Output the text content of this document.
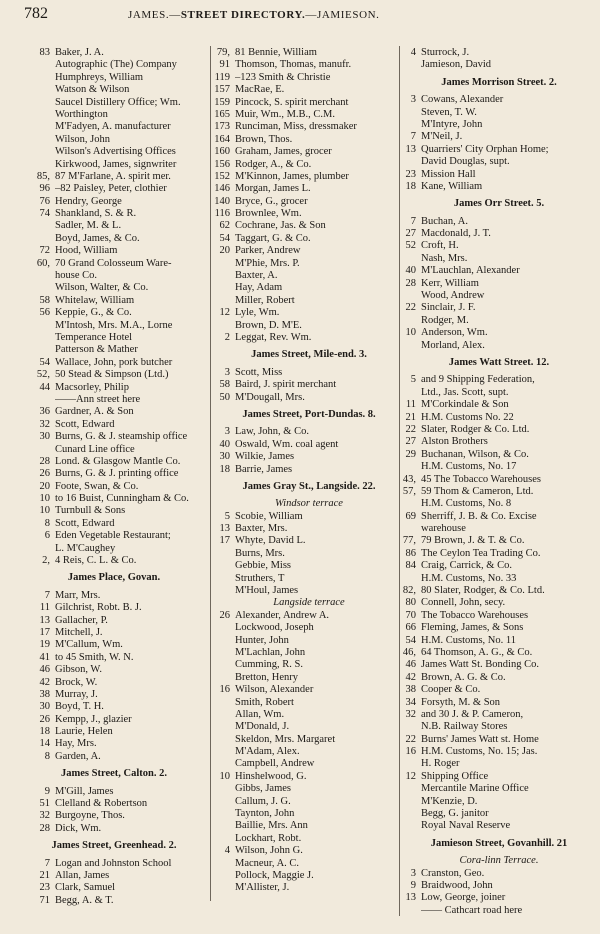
782	JAMES.—STREET DIRECTORY.—JAMIESON.
83 Baker, J. A.
Autographic (The) Company
Humphreys, William
Watson & Wilson
Saucel Distillery Office; Wm.
Worthington
M'Fadyen, A. manufacturer
Wilson, John
Wilson's Advertising Offices
Kirkwood, James, signwriter
85, 87 M'Farlane, A. spirit mer.
96 –82 Paisley, Peter, clothier
76 Hendry, George
74 Shankland, S. & R.
Sadler, M. & L.
Boyd, James, & Co.
72 Hood, William
60, 70 Grand Colosseum Ware-
house Co.
Wilson, Walter, & Co.
58 Whitelaw, William
56 Keppie, G., & Co.
M'Intosh, Mrs. M.A., Lorne
Temperance Hotel
Patterson & Mather
54 Wallace, John, pork butcher
52, 50 Stead & Simpson (Ltd.)
44 Macsorley, Philip
——Ann street here
36 Gardner, A. & Son
32 Scott, Edward
30 Burns, G. & J. steamship office
Cunard Line office
28 Lond. & Glasgow Mantle Co.
26 Burns, G. & J. printing office
20 Foote, Swan, & Co.
10 to 16 Buist, Cunningham & Co.
10 Turnbull & Sons
8 Scott, Edward
6 Eden Vegetable Restaurant;
L. M'Caughey
2, 4 Reis, C. L. & Co.
James Place, Govan.
7 Marr, Mrs.
11 Gilchrist, Robt. B. J.
13 Gallacher, P.
17 Mitchell, J.
19 M'Callum, Wm.
41 to 45 Smith, W. N.
46 Gibson, W.
42 Brock, W.
38 Murray, J.
30 Boyd, T. H.
26 Kempp, J., glazier
18 Laurie, Helen
14 Hay, Mrs.
8 Garden, A.
James Street, Calton. 2.
9 M'Gill, James
51 Clelland & Robertson
32 Burgoyne, Thos.
28 Dick, Wm.
James Street, Greenhead. 2.
7 Logan and Johnston School
21 Allan, James
23 Clark, Samuel
71 Begg, A. & T.
79, 81 Bennie, William
91 Thomson, Thomas, manufr.
119 –123 Smith & Christie
157 MacRae, E.
159 Pincock, S. spirit merchant
165 Muir, Wm., M.B., C.M.
173 Runciman, Miss, dressmaker
164 Brown, Thos.
160 Graham, James, grocer
156 Rodger, A., & Co.
152 M'Kinnon, James, plumber
146 Morgan, James L.
140 Bryce, G., grocer
116 Brownlee, Wm.
62 Cochrane, Jas. & Son
54 Taggart, G. & Co.
20 Parker, Andrew
M'Phie, Mrs. P.
Baxter, A.
Hay, Adam
Miller, Robert
12 Lyle, Wm.
Brown, D. M'E.
2 Leggat, Rev. Wm.
James Street, Mile-end. 3.
3 Scott, Miss
58 Baird, J. spirit merchant
50 M'Dougall, Mrs.
James Street, Port-Dundas. 8.
3 Law, John, & Co.
40 Oswald, Wm. coal agent
30 Wilkie, James
18 Barrie, James
James Gray St., Langside. 22.
Windsor terrace
5 Scobie, William
13 Baxter, Mrs.
17 Whyte, David L.
Burns, Mrs.
Gebbie, Miss
Struthers, T
M'Houl, James
Langside terrace
26 Alexander, Andrew A.
Lockwood, Joseph
Hunter, John
M'Lachlan, John
Cumming, R. S.
Bretton, Henry
16 Wilson, Alexander
Smith, Robert
Allan, Wm.
M'Donald, J.
Skeldon, Mrs. Margaret
M'Adam, Alex.
Campbell, Andrew
10 Hinshelwood, G.
Gibbs, James
Callum, J. G.
Taynton, John
Baillie, Mrs. Ann
Lockhart, Robt.
4 Wilson, John G.
Macneur, A. C.
Pollock, Maggie J.
M'Allister, J.
4 Sturrock, J.
Jamieson, David
James Morrison Street. 2.
3 Cowans, Alexander
Steven, T. W.
M'Intyre, John
7 M'Neil, J.
13 Quarriers' City Orphan Home;
David Douglas, supt.
23 Mission Hall
18 Kane, William
James Orr Street. 5.
7 Buchan, A.
27 Macdonald, J. T.
52 Croft, H.
Nash, Mrs.
40 M'Lauchlan, Alexander
28 Kerr, William
Wood, Andrew
22 Sinclair, J. F.
Rodger, M.
10 Anderson, Wm.
Morland, Alex.
James Watt Street. 12.
5 and 9 Shipping Federation,
Ltd., Jas. Scott, supt.
11 M'Corkindale & Son
21 H.M. Customs No. 22
22 Slater, Rodger & Co. Ltd.
27 Alston Brothers
29 Buchanan, Wilson, & Co.
H.M. Customs, No. 17
43, 45 The Tobacco Warehouses
57, 59 Thom & Cameron, Ltd.
H.M. Customs, No. 8
69 Sherriff, J. B. & Co. Excise
warehouse
77, 79 Brown, J. & T. & Co.
86 The Ceylon Tea Trading Co.
84 Craig, Carrick, & Co.
H.M. Customs, No. 33
82, 80 Slater, Rodger, & Co. Ltd.
80 Connell, John, secy.
70 The Tobacco Warehouses
66 Fleming, James, & Sons
54 H.M. Customs, No. 11
46, 64 Thomson, A. G., & Co.
46 James Watt St. Bonding Co.
42 Brown, A. G. & Co.
38 Cooper & Co.
34 Forsyth, M. & Son
32 and 30 J. & P. Cameron,
N.B. Railway Stores
22 Burns' James Watt st. Home
16 H.M. Customs, No. 15; Jas.
H. Roger
12 Shipping Office
Mercantile Marine Office
M'Kenzie, D.
Begg, G. janitor
Royal Naval Reserve
Jamieson Street, Govanhill. 21
Cora-linn Terrace.
3 Cranston, Geo.
9 Braidwood, John
13 Low, George, joiner
—— Cathcart road here
